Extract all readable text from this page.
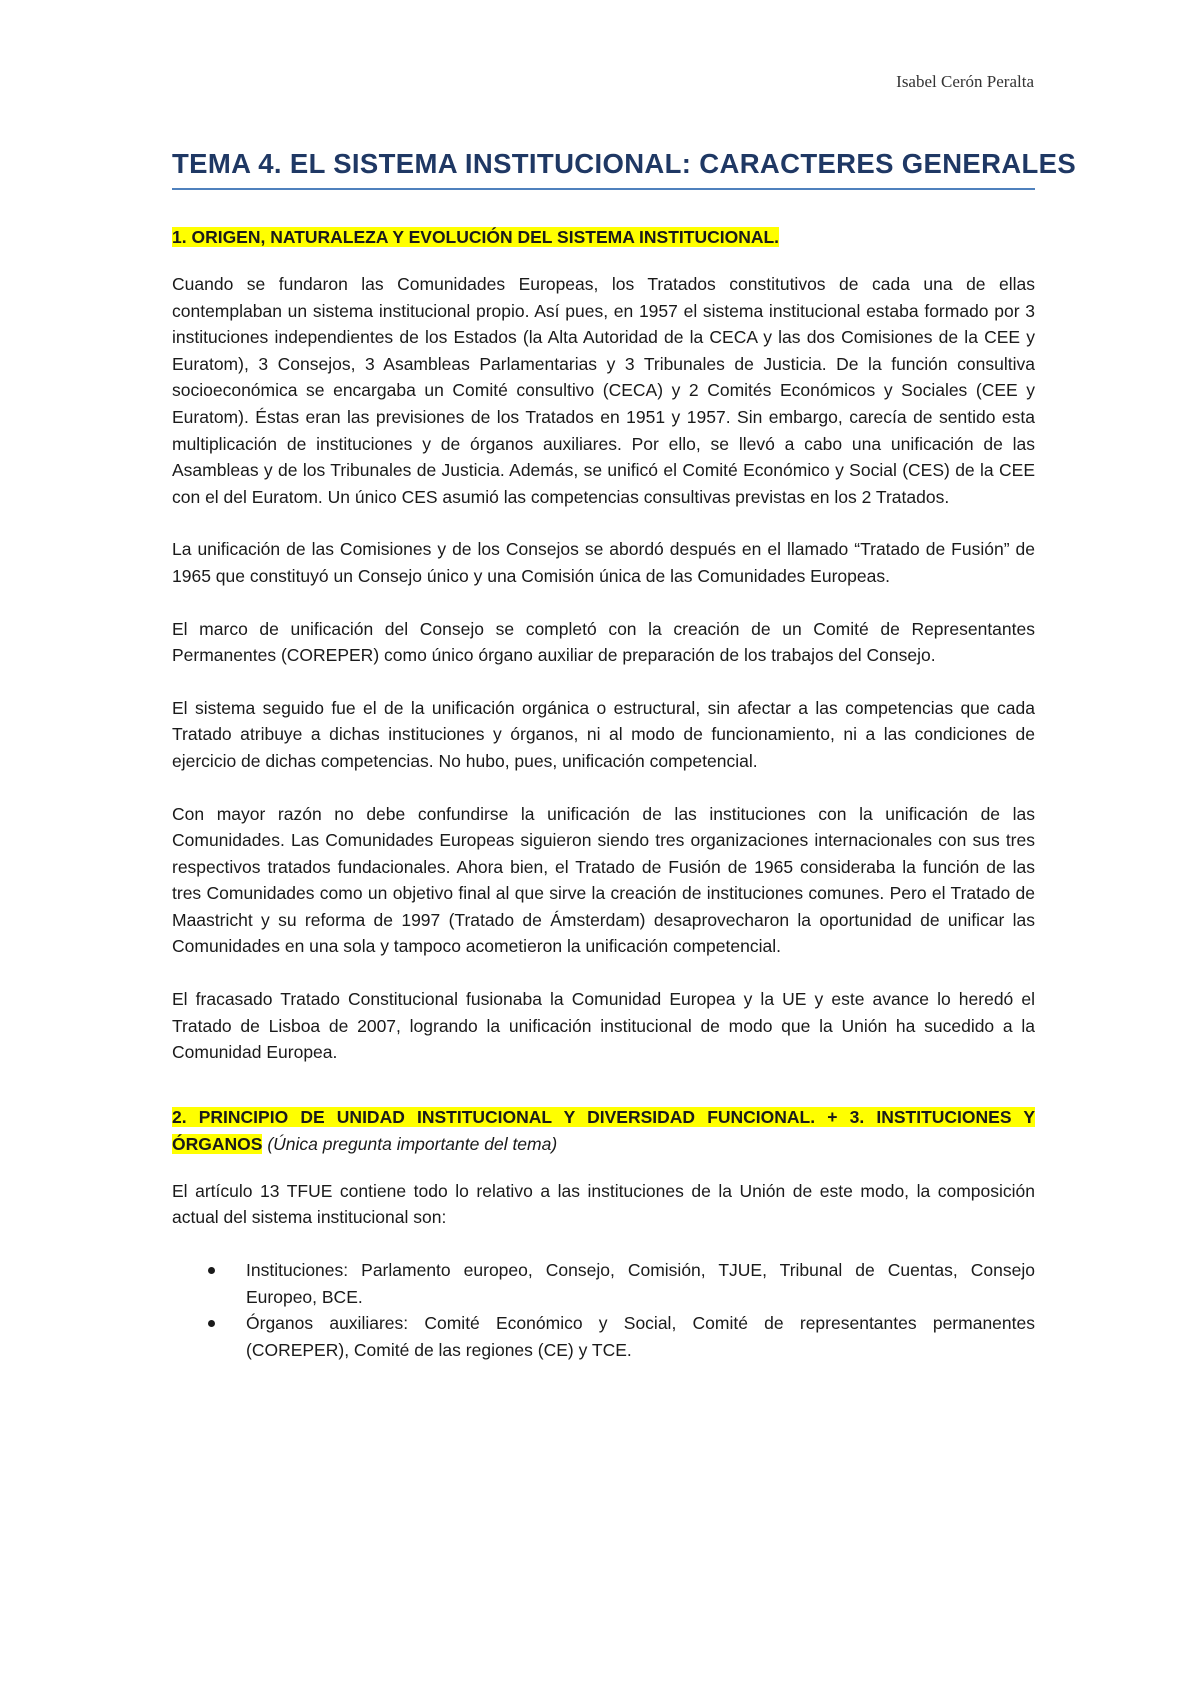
Isabel Cerón Peralta
TEMA 4. EL SISTEMA INSTITUCIONAL: CARACTERES GENERALES

1. ORIGEN, NATURALEZA Y EVOLUCIÓN DEL SISTEMA INSTITUCIONAL.

Cuando se fundaron las Comunidades Europeas, los Tratados constitutivos de cada una de ellas contemplaban un sistema institucional propio. Así pues, en 1957 el sistema institucional estaba formado por 3 instituciones independientes de los Estados (la Alta Autoridad de la CECA y las dos Comisiones de la CEE y Euratom), 3 Consejos, 3 Asambleas Parlamentarias y 3 Tribunales de Justicia. De la función consultiva socioeconómica se encargaba un Comité consultivo (CECA) y 2 Comités Económicos y Sociales (CEE y Euratom). Éstas eran las previsiones de los Tratados en 1951 y 1957. Sin embargo, carecía de sentido esta multiplicación de instituciones y de órganos auxiliares. Por ello, se llevó a cabo una unificación de las Asambleas y de los Tribunales de Justicia. Además, se unificó el Comité Económico y Social (CES) de la CEE con el del Euratom. Un único CES asumió las competencias consultivas previstas en los 2 Tratados.

La unificación de las Comisiones y de los Consejos se abordó después en el llamado “Tratado de Fusión” de 1965 que constituyó un Consejo único y una Comisión única de las Comunidades Europeas.

El marco de unificación del Consejo se completó con la creación de un Comité de Representantes Permanentes (COREPER) como único órgano auxiliar de preparación de los trabajos del Consejo.

El sistema seguido fue el de la unificación orgánica o estructural, sin afectar a las competencias que cada Tratado atribuye a dichas instituciones y órganos, ni al modo de funcionamiento, ni a las condiciones de ejercicio de dichas competencias. No hubo, pues, unificación competencial.

Con mayor razón no debe confundirse la unificación de las instituciones con la unificación de las Comunidades. Las Comunidades Europeas siguieron siendo tres organizaciones internacionales con sus tres respectivos tratados fundacionales. Ahora bien, el Tratado de Fusión de 1965 consideraba la función de las tres Comunidades como un objetivo final al que sirve la creación de instituciones comunes. Pero el Tratado de Maastricht y su reforma de 1997 (Tratado de Ámsterdam) desaprovecharon la oportunidad de unificar las Comunidades en una sola y tampoco acometieron la unificación competencial.

El fracasado Tratado Constitucional fusionaba la Comunidad Europea y la UE y este avance lo heredó el Tratado de Lisboa de 2007, logrando la unificación institucional de modo que la Unión ha sucedido a la Comunidad Europea.

2. PRINCIPIO DE UNIDAD INSTITUCIONAL Y DIVERSIDAD FUNCIONAL. + 3. INSTITUCIONES Y ÓRGANOS (Única pregunta importante del tema)

El artículo 13 TFUE contiene todo lo relativo a las instituciones de la Unión de este modo, la composición actual del sistema institucional son:

Instituciones: Parlamento europeo, Consejo, Comisión, TJUE, Tribunal de Cuentas, Consejo Europeo, BCE.
Órganos auxiliares: Comité Económico y Social, Comité de representantes permanentes (COREPER), Comité de las regiones (CE) y TCE.
